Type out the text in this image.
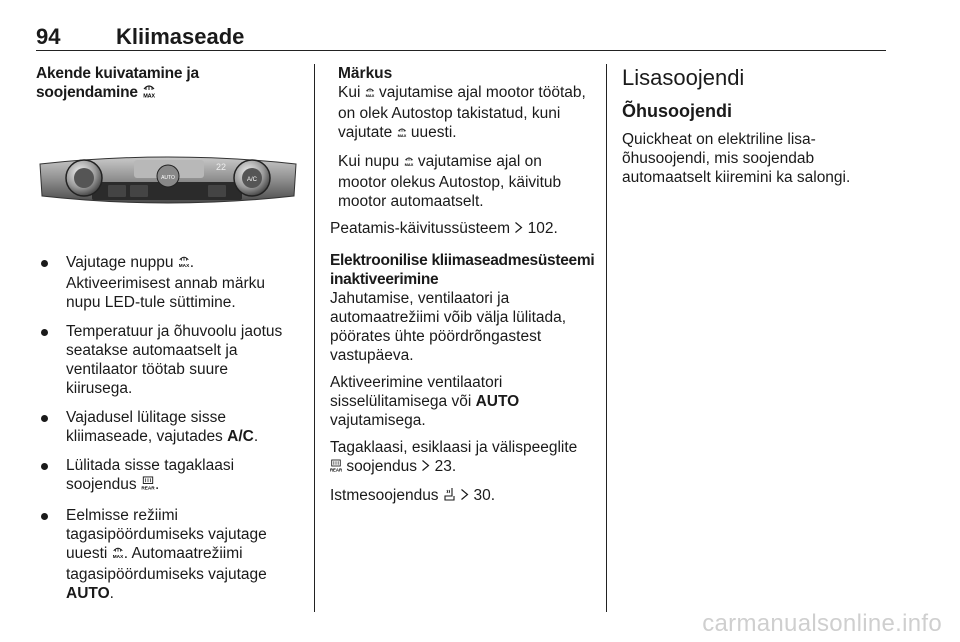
94	Kliimaseade
Akende kuivatamine ja
soojendamine MAX
22
A/C
AUTO
Vajutage nuppu MAX .
Aktiveerimisest annab märku
nupu LED-tule süttimine.
Temperatuur ja õhuvoolu jaotus
seatakse automaatselt ja
ventilaator töötab suure
kiirusega.
Vajadusel lülitage sisse
kliimaseade, vajutades A/C.
Lülitada sisse tagaklaasi
soojendus REAR .
Eelmisse režiimi
tagasipöördumiseks vajutage
uuesti MAX . Automaatrežiimi
tagasipöördumiseks vajutage
AUTO.
Märkus

Kui MAX vajutamise ajal mootor töötab,
on olek Autostop takistatud, kuni
vajutate MAX uuesti.

Kui nupu MAX vajutamise ajal on
mootor olekus Autostop, käivitub
mootor automaatselt.

Peatamis-käivitussüsteem 102.

Elektroonilise kliimaseadmesüsteemi
inaktiveerimine

Jahutamise, ventilaatori ja
automaatrežiimi võib välja lülitada,
pöörates ühte pöördrõngastest
vastupäeva.

Aktiveerimine ventilaatori
sisselülitamisega või AUTO
vajutamisega.

Tagaklaasi, esiklaasi ja välispeeglite

REAR soojendus 23.

Istmesoojendus 30.

Lisasoojendi
Õhusoojendi

Quickheat on elektriline lisa-
õhusoojendi, mis soojendab
automaatselt kiiremini ka salongi.

carmanualsonline.info
